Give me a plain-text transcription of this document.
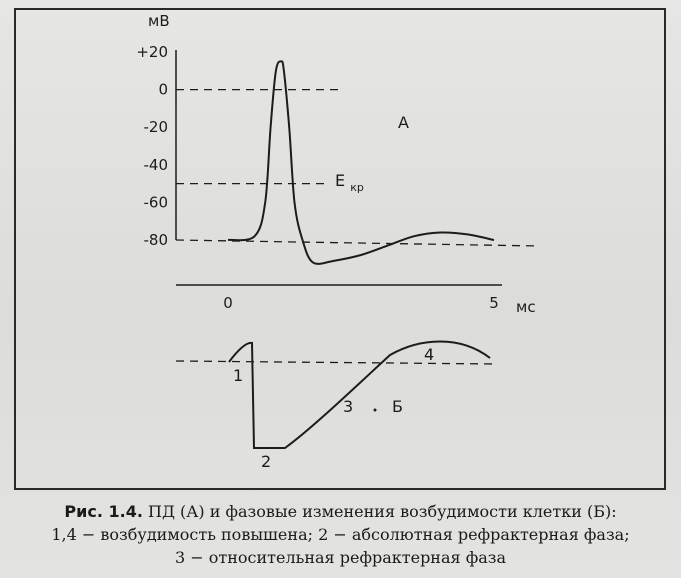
+20
0
-20
-40
-60
-80
0	5
мВ
мс
А
Е $_{кр}$
1
2
3
4
Б
Рис. 1.4. ПД (А) и фазовые изменения возбудимости клетки (Б):
1,4 − возбудимость повышена; 2 − абсолютная рефрактерная фаза;
3 − относительная рефрактерная фаза
